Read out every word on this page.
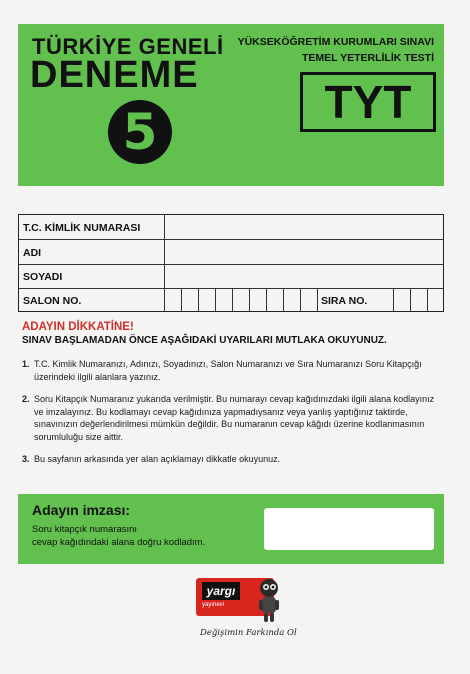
TÜRKİYE GENELİ
DENEME
5
YÜKSEKÖĞRETİM KURUMLARI SINAVI
TEMEL YETERLİLİK TESTİ
TYT
T.C. KİMLİK NUMARASI
ADI
SOYADI
SALON NO.	SIRA NO.
ADAYIN DİKKATİNE!
SINAV BAŞLAMADAN ÖNCE AŞAĞIDAKİ UYARILARI MUTLAKA OKUYUNUZ.
1. T.C. Kimlik Numaranızı, Adınızı, Soyadınızı, Salon Numaranızı ve Sıra Numaranızı Soru Kitapçığı üzerindeki ilgili alanlara yazınız.
2. Soru Kitapçık Numaranız yukarıda verilmiştir. Bu numarayı cevap kağıdınızdaki ilgili alana kodlayınız ve imzalayınız. Bu kodlamayı cevap kağıdınıza yapmadıysanız veya yanlış yaptığınız taktirde, sınavınızın değerlendirilmesi mümkün değildir. Bu numaranın cevap kâğıdı üzerine kodlanmasının sorumluluğu size aittir.
3. Bu sayfanın arkasında yer alan açıklamayı dikkatle okuyunuz.
Adayın imzası:
Soru kitapçık numarasını
cevap kağıdındaki alana doğru kodladım.
yargı
yayınevi
Değişimin Farkında Ol
